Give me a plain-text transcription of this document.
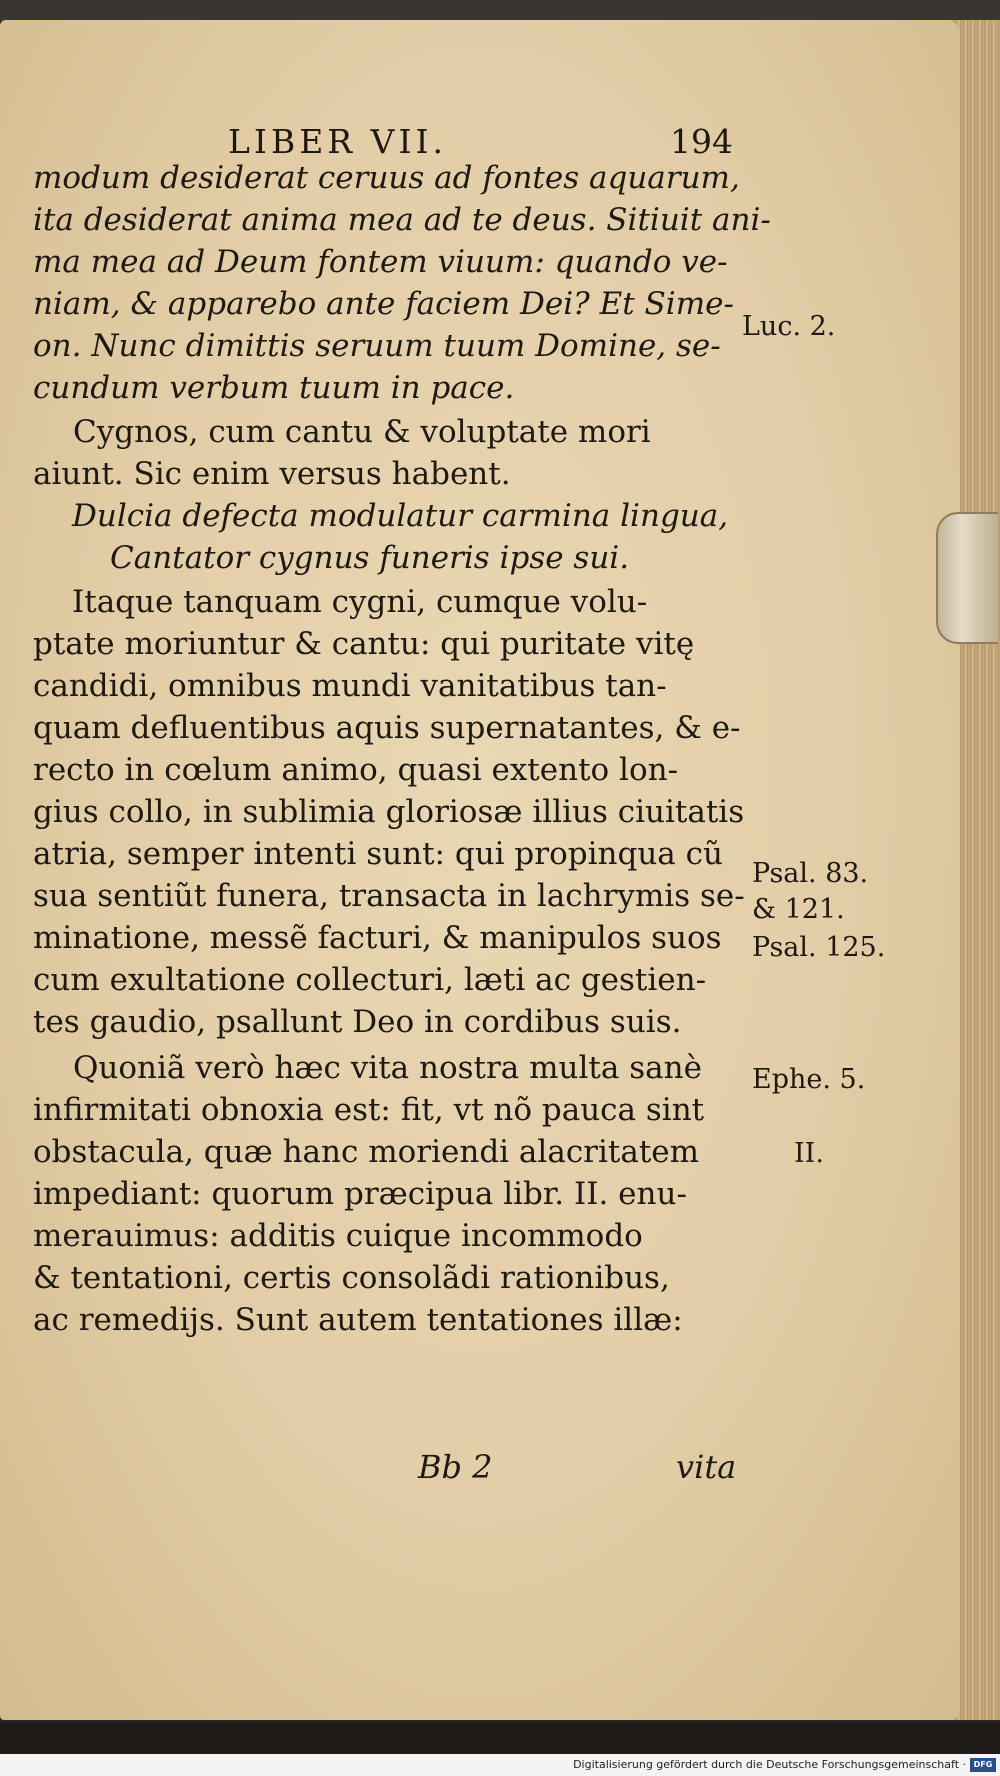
LIBER VII.	194
modum desiderat ceruus ad fontes aquarum,
ita desiderat anima mea ad te deus. Sitiuit ani-
ma mea ad Deum fontem viuum: quando ve-
niam, & apparebo ante faciem Dei? Et Sime-
on. Nunc dimittis seruum tuum Domine, se-
cundum verbum tuum in pace.
Cygnos, cum cantu & voluptate mori
aiunt. Sic enim versus habent.
Dulcia defecta modulatur carmina lingua,
Cantator cygnus funeris ipse sui.
Itaque tanquam cygni, cumque volu-
ptate moriuntur & cantu: qui puritate vitę
candidi, omnibus mundi vanitatibus tan-
quam defluentibus aquis supernatantes, & e-
recto in cœlum animo, quasi extento lon-
gius collo, in sublimia gloriosæ illius ciuitatis
atria, semper intenti sunt: qui propinqua cũ
sua sentiũt funera, transacta in lachrymis se-
minatione, messẽ facturi, & manipulos suos
cum exultatione collecturi, læti ac gestien-
tes gaudio, psallunt Deo in cordibus suis.
Quoniã verò hæc vita nostra multa sanè
infirmitati obnoxia est: fit, vt nõ pauca sint
obstacula, quæ hanc moriendi alacritatem
impediant: quorum præcipua libr. II. enu-
merauimus: additis cuique incommodo
& tentationi, certis consolãdi rationibus,
ac remedijs. Sunt autem tentationes illæ:
Luc. 2.
Psal. 83.
& 121.
Psal. 125.
Ephe. 5.
II.
Bb 2	vita
Digitalisierung gefördert durch die Deutsche Forschungsgemeinschaft · DFG
